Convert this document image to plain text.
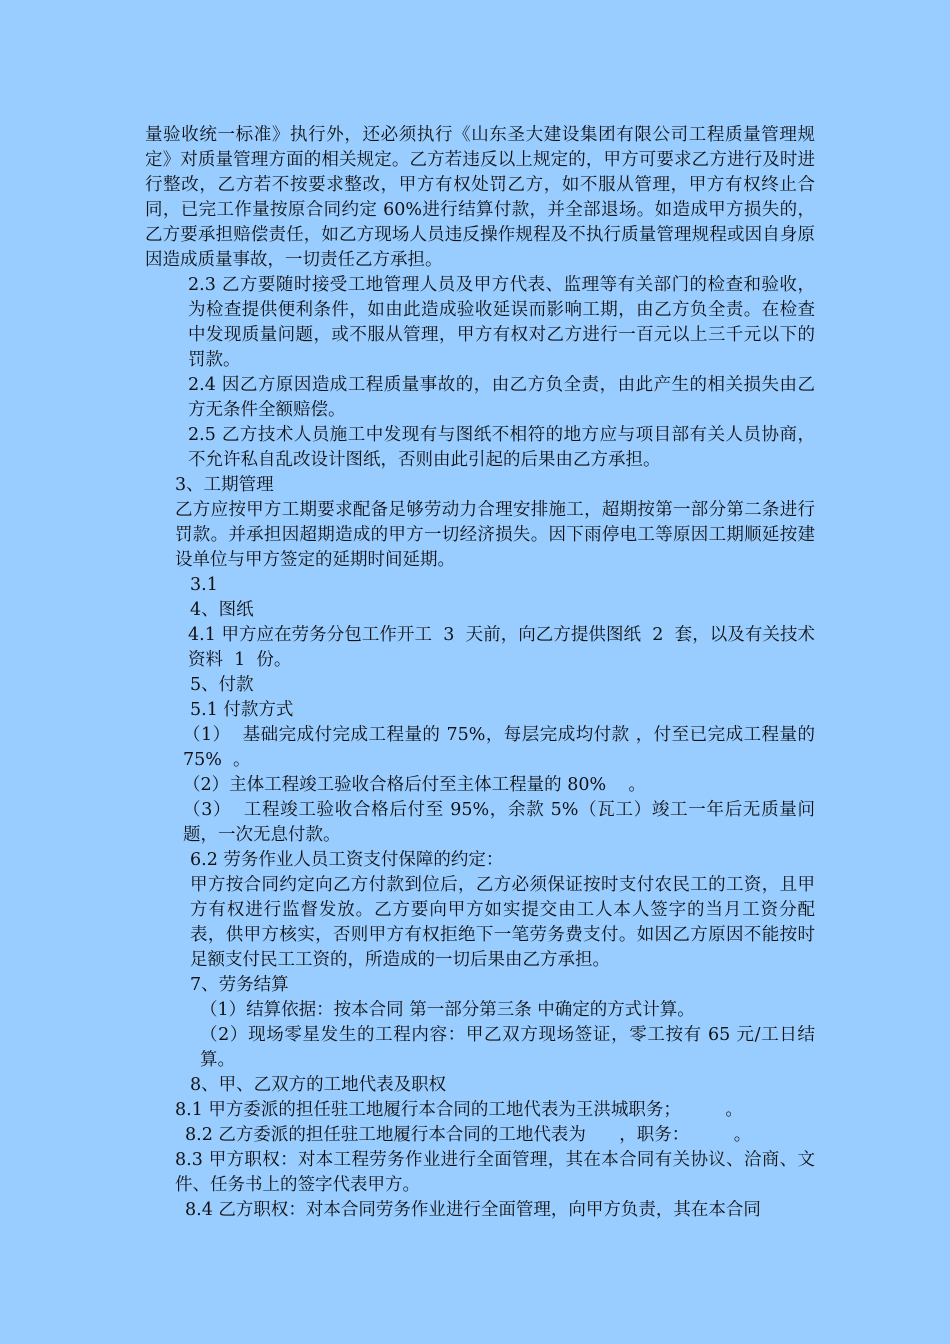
量验收统一标准》执行外，还必须执行《山东圣大建设集团有限公司工程质量管理规定》对质量管理方面的相关规定。乙方若违反以上规定的，甲方可要求乙方进行及时进行整改，乙方若不按要求整改，甲方有权处罚乙方，如不服从管理，甲方有权终止合同，已完工作量按原合同约定 60%进行结算付款，并全部退场。如造成甲方损失的，乙方要承担赔偿责任，如乙方现场人员违反操作规程及不执行质量管理规程或因自身原因造成质量事故，一切责任乙方承担。

2.3 乙方要随时接受工地管理人员及甲方代表、监理等有关部门的检查和验收，为检查提供便利条件，如由此造成验收延误而影响工期，由乙方负全责。在检查中发现质量问题，或不服从管理，甲方有权对乙方进行一百元以上三千元以下的罚款。

2.4 因乙方原因造成工程质量事故的，由乙方负全责，由此产生的相关损失由乙方无条件全额赔偿。

2.5 乙方技术人员施工中发现有与图纸不相符的地方应与项目部有关人员协商，不允许私自乱改设计图纸，否则由此引起的后果由乙方承担。

3、工期管理

乙方应按甲方工期要求配备足够劳动力合理安排施工，超期按第一部分第二条进行罚款。并承担因超期造成的甲方一切经济损失。因下雨停电工等原因工期顺延按建设单位与甲方签定的延期时间延期。

3.1

4、图纸

4.1 甲方应在劳务分包工作开工  3  天前，向乙方提供图纸  2  套，以及有关技术资料  1  份。

5、付款

5.1 付款方式

（1）  基础完成付完成工程量的 75%，每层完成均付款 ，付至已完成工程量的  75%  。

（2）主体工程竣工验收合格后付至主体工程量的 80%    。

（3）  工程竣工验收合格后付至 95%，余款 5%（瓦工）竣工一年后无质量问题，一次无息付款。

6.2 劳务作业人员工资支付保障的约定：

甲方按合同约定向乙方付款到位后，乙方必须保证按时支付农民工的工资，且甲方有权进行监督发放。乙方要向甲方如实提交由工人本人签字的当月工资分配表，供甲方核实，否则甲方有权拒绝下一笔劳务费支付。如因乙方原因不能按时足额支付民工工资的，所造成的一切后果由乙方承担。

7、劳务结算

（1）结算依据：按本合同 第一部分第三条 中确定的方式计算。

（2）现场零星发生的工程内容：甲乙双方现场签证，零工按有 65 元/工日结算。

8、甲、乙双方的工地代表及职权

8.1 甲方委派的担任驻工地履行本合同的工地代表为王洪城职务；        。

8.2 乙方委派的担任驻工地履行本合同的工地代表为      ，职务：        。

8.3 甲方职权：对本工程劳务作业进行全面管理，其在本合同有关协议、洽商、文件、任务书上的签字代表甲方。

8.4 乙方职权：对本合同劳务作业进行全面管理，向甲方负责，其在本合同
